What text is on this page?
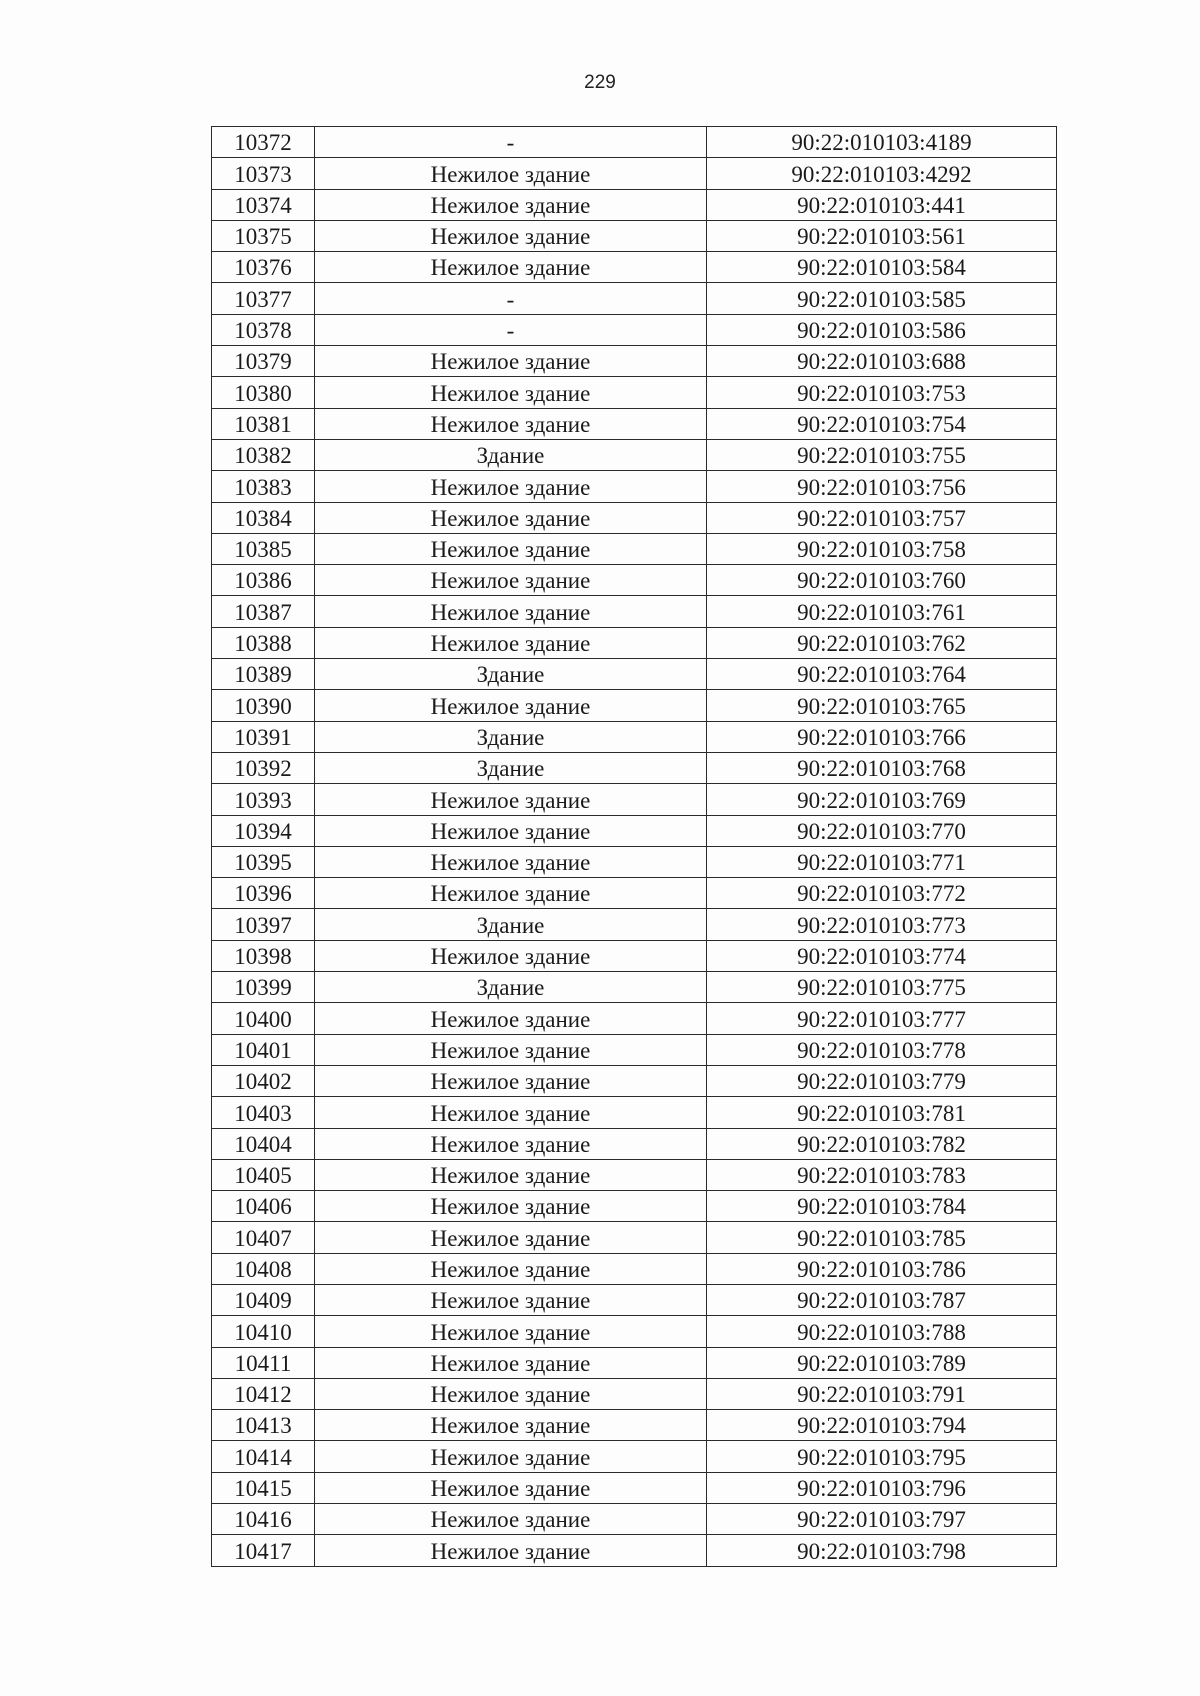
229
10372	-	90:22:010103:4189
10373	Нежилое здание	90:22:010103:4292
10374	Нежилое здание	90:22:010103:441
10375	Нежилое здание	90:22:010103:561
10376	Нежилое здание	90:22:010103:584
10377	-	90:22:010103:585
10378	-	90:22:010103:586
10379	Нежилое здание	90:22:010103:688
10380	Нежилое здание	90:22:010103:753
10381	Нежилое здание	90:22:010103:754
10382	Здание	90:22:010103:755
10383	Нежилое здание	90:22:010103:756
10384	Нежилое здание	90:22:010103:757
10385	Нежилое здание	90:22:010103:758
10386	Нежилое здание	90:22:010103:760
10387	Нежилое здание	90:22:010103:761
10388	Нежилое здание	90:22:010103:762
10389	Здание	90:22:010103:764
10390	Нежилое здание	90:22:010103:765
10391	Здание	90:22:010103:766
10392	Здание	90:22:010103:768
10393	Нежилое здание	90:22:010103:769
10394	Нежилое здание	90:22:010103:770
10395	Нежилое здание	90:22:010103:771
10396	Нежилое здание	90:22:010103:772
10397	Здание	90:22:010103:773
10398	Нежилое здание	90:22:010103:774
10399	Здание	90:22:010103:775
10400	Нежилое здание	90:22:010103:777
10401	Нежилое здание	90:22:010103:778
10402	Нежилое здание	90:22:010103:779
10403	Нежилое здание	90:22:010103:781
10404	Нежилое здание	90:22:010103:782
10405	Нежилое здание	90:22:010103:783
10406	Нежилое здание	90:22:010103:784
10407	Нежилое здание	90:22:010103:785
10408	Нежилое здание	90:22:010103:786
10409	Нежилое здание	90:22:010103:787
10410	Нежилое здание	90:22:010103:788
10411	Нежилое здание	90:22:010103:789
10412	Нежилое здание	90:22:010103:791
10413	Нежилое здание	90:22:010103:794
10414	Нежилое здание	90:22:010103:795
10415	Нежилое здание	90:22:010103:796
10416	Нежилое здание	90:22:010103:797
10417	Нежилое здание	90:22:010103:798
